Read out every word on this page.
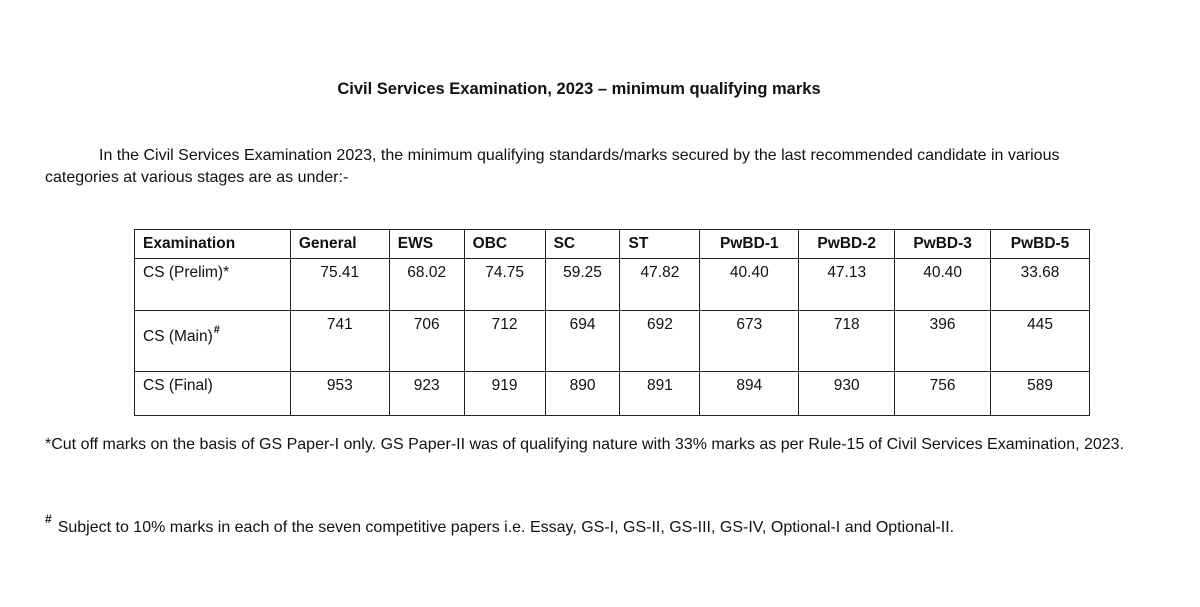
Civil Services Examination, 2023 – minimum qualifying marks
In the Civil Services Examination 2023, the minimum qualifying standards/marks secured by the last recommended candidate in various categories at various stages are as under:-
Examination	General	EWS	OBC	SC	ST	PwBD-1	PwBD-2	PwBD-3	PwBD-5
CS (Prelim)*	75.41	68.02	74.75	59.25	47.82	40.40	47.13	40.40	33.68
CS (Main)#	741	706	712	694	692	673	718	396	445
CS (Final)	953	923	919	890	891	894	930	756	589
*Cut off marks on the basis of GS Paper-I only. GS Paper-II was of qualifying nature with 33% marks as per Rule-15 of Civil Services Examination, 2023.
# Subject to 10% marks in each of the seven competitive papers i.e. Essay, GS-I, GS-II, GS-III, GS-IV, Optional-I and Optional-II.
